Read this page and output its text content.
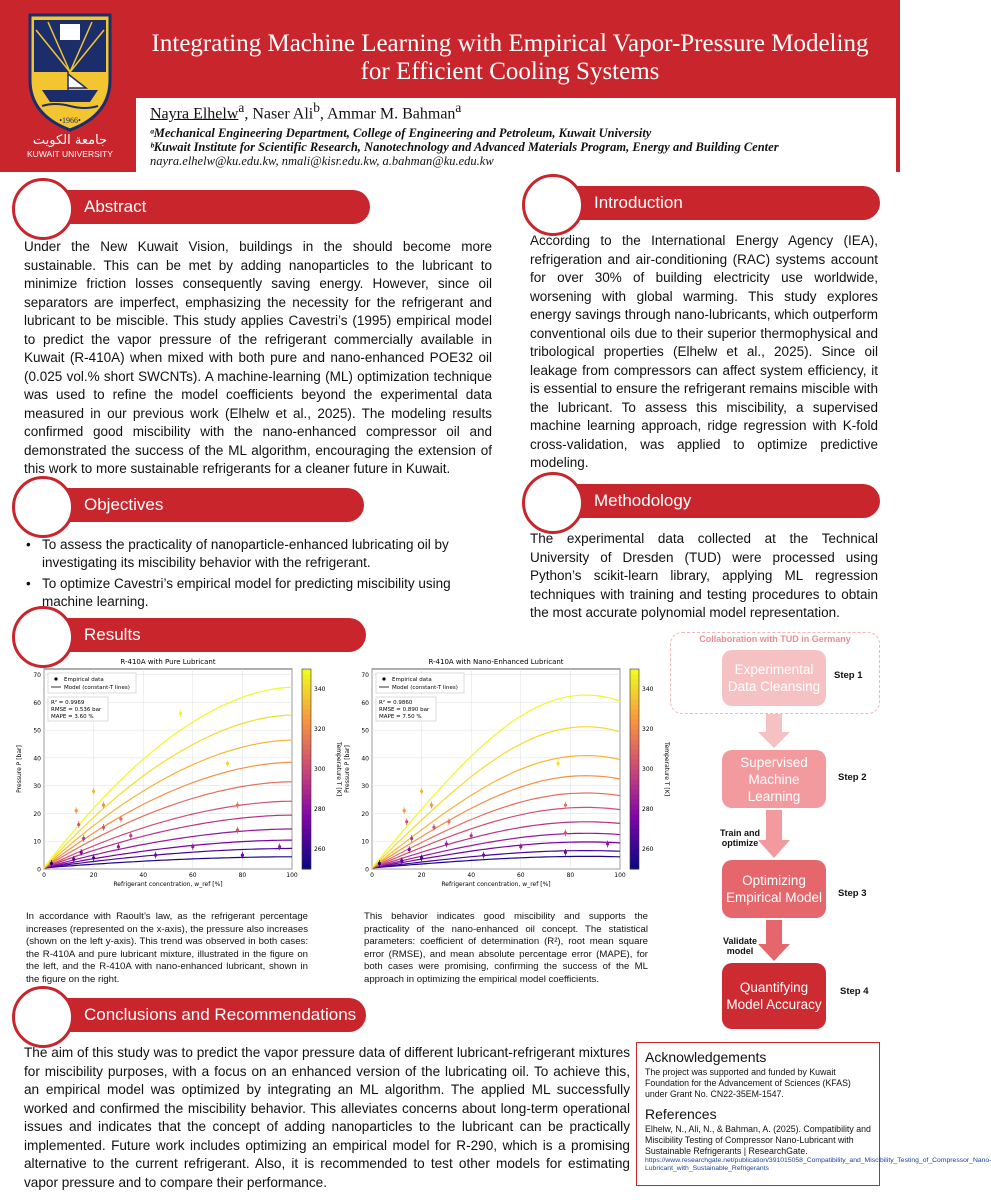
•1966•
جامعة الكويت
KUWAIT UNIVERSITY
Integrating Machine Learning with Empirical Vapor-Pressure Modeling for Efficient Cooling Systems
Nayra Elhelw$^a$, Naser Ali$^b$, Ammar M. Bahman$^a$
ᵃMechanical Engineering Department, College of Engineering and Petroleum, Kuwait University
ᵇKuwait Institute for Scientific Research, Nanotechnology and Advanced Materials Program, Energy and Building Center
nayra.elhelw@ku.edu.kw, nmali@kisr.edu.kw, a.bahman@ku.edu.kw
Abstract	Introduction
Objectives	Methodology
Results
Conclusions and Recommendations
Under the New Kuwait Vision, buildings in the should become more sustainable. This can be met by adding nanoparticles to the lubricant to minimize friction losses consequently saving energy. However, since oil separators are imperfect, emphasizing the necessity for the refrigerant and lubricant to be miscible. This study applies Cavestri’s (1995) empirical model to predict the vapor pressure of the refrigerant commercially available in Kuwait (R-410A) when mixed with both pure and nano-enhanced POE32 oil (0.025 vol.% short SWCNTs). A machine-learning (ML) optimization technique was used to refine the model coefficients beyond the experimental data measured in our previous work (Elhelw et al., 2025). The modeling results confirmed good miscibility with the nano-enhanced compressor oil and demonstrated the success of the ML algorithm, encouraging the extension of this work to more sustainable refrigerants for a cleaner future in Kuwait.
According to the International Energy Agency (IEA), refrigeration and air-conditioning (RAC) systems account for over 30% of building electricity use worldwide, worsening with global warming. This study explores energy savings through nano-lubricants, which outperform conventional oils due to their superior thermophysical and tribological properties (Elhelw et al., 2025). Since oil leakage from compressors can affect system efficiency, it is essential to ensure the refrigerant remains miscible with the lubricant. To assess this miscibility, a supervised machine learning approach, ridge regression with K-fold cross-validation, was applied to optimize predictive modeling.
• To assess the practicality of nanoparticle-enhanced lubricating oil by investigating its miscibility behavior with the refrigerant.
• To optimize Cavestri’s empirical model for predicting miscibility using machine learning.
The experimental data collected at the Technical University of Dresden (TUD) were processed using Python’s scikit-learn library, applying ML regression techniques with training and testing procedures to obtain the most accurate polynomial model representation.
R-410A with Pure Lubricant
0
10
20
30
40
50
60
70
0	20	40	60	80	100
Empirical data
Model (constant-T lines)
R² = 0.9969
RMSE = 0.536 bar
MAPE = 3.60 %
Refrigerant concentration, w_ref [%]
Pressure P [bar]
260
280
300
320
340
Temperature T [K]
R-410A with Nano-Enhanced Lubricant
0
10
20
30
40
50
60
70
0	20	40	60	80	100
Empirical data
Model (constant-T lines)
R² = 0.9860
RMSE = 0.890 bar
MAPE = 7.50 %
Refrigerant concentration, w_ref [%]
Pressure P [bar]
260
280
300
320
340
Temperature T [K]
In accordance with Raoult’s law, as the refrigerant percentage increases (represented on the x-axis), the pressure also increases (shown on the left y-axis). This trend was observed in both cases: the R-410A and pure lubricant mixture, illustrated in the figure on the left, and the R-410A with nano-enhanced lubricant, shown in the figure on the right.
This behavior indicates good miscibility and supports the practicality of the nano-enhanced oil concept. The statistical parameters: coefficient of determination (R²), root mean square error (RMSE), and mean absolute percentage error (MAPE), for both cases were promising, confirming the success of the ML approach in optimizing the empirical model coefficients.
Collaboration with TUD in Germany
Experimental Data Cleansing
Supervised Machine Learning
Optimizing Empirical Model
Quantifying Model Accuracy
Step 1
Step 2
Step 3
Step 4
Train and optimize
Validate model
The aim of this study was to predict the vapor pressure data of different lubricant-refrigerant mixtures for miscibility purposes, with a focus on an enhanced version of the lubricating oil. To achieve this, an empirical model was optimized by integrating an ML algorithm. The applied ML successfully worked and confirmed the miscibility behavior. This alleviates concerns about long-term operational issues and indicates that the concept of adding nanoparticles to the lubricant can be practically implemented. Future work includes optimizing an empirical model for R-290, which is a promising alternative to the current refrigerant. Also, it is recommended to test other models for estimating vapor pressure and to compare their performance.
Acknowledgements

The project was supported and funded by Kuwait Foundation for the Advancement of Sciences (KFAS) under Grant No. CN22-35EM-1547.

References

Elhelw, N., Ali, N., & Bahman, A. (2025). Compatibility and Miscibility Testing of Compressor Nano-Lubricant with Sustainable Refrigerants | ResearchGate.

https://www.researchgate.net/publication/391015058_Compatibility_and_Miscibility_Testing_of_Compressor_Nano-Lubricant_with_Sustainable_Refrigerants
